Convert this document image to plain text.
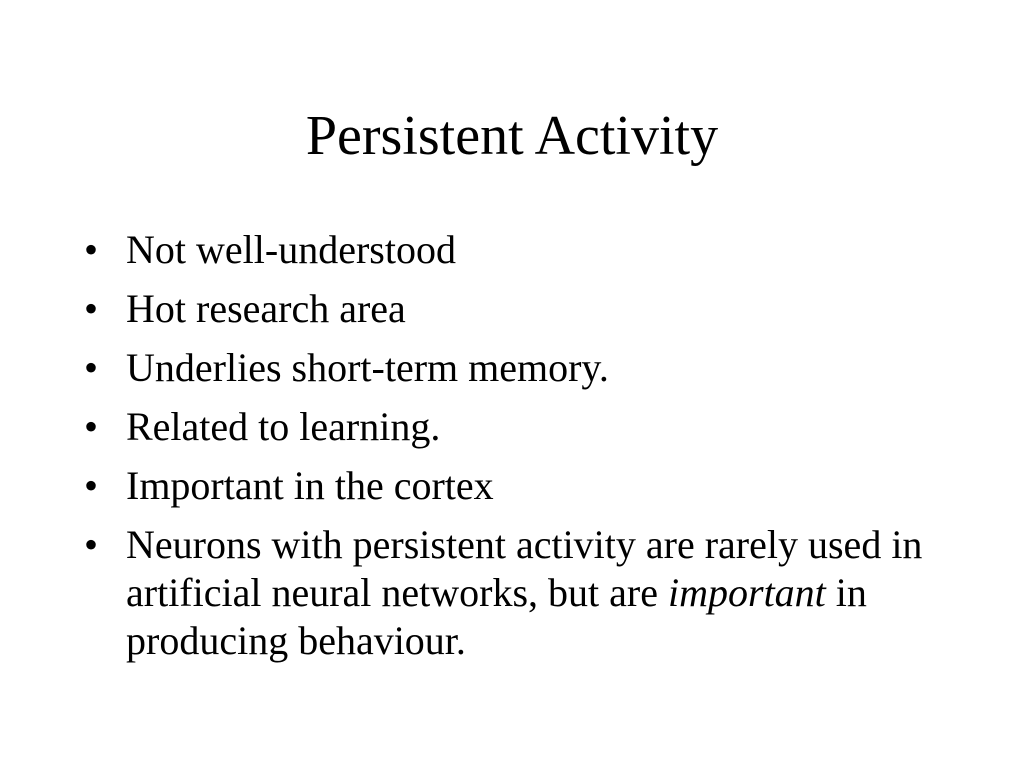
Persistent Activity
• Not well-understood
• Hot research area
• Underlies short-term memory.
• Related to learning.
• Important in the cortex
• Neurons with persistent activity are rarely used in artificial neural networks, but are important in producing behaviour.
